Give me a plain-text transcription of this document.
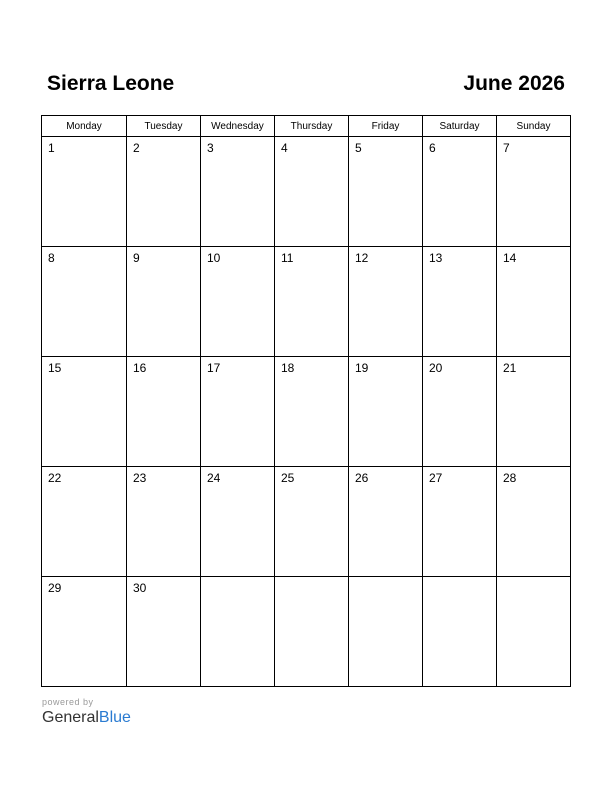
Sierra Leone	June 2026
Monday	Tuesday	Wednesday	Thursday	Friday	Saturday	Sunday

1	2	3	4	5	6	7

8	9	10	11	12	13	14

15	16	17	18	19	20	21

22	23	24	25	26	27	28

29	30					

powered by
GeneralBlue
